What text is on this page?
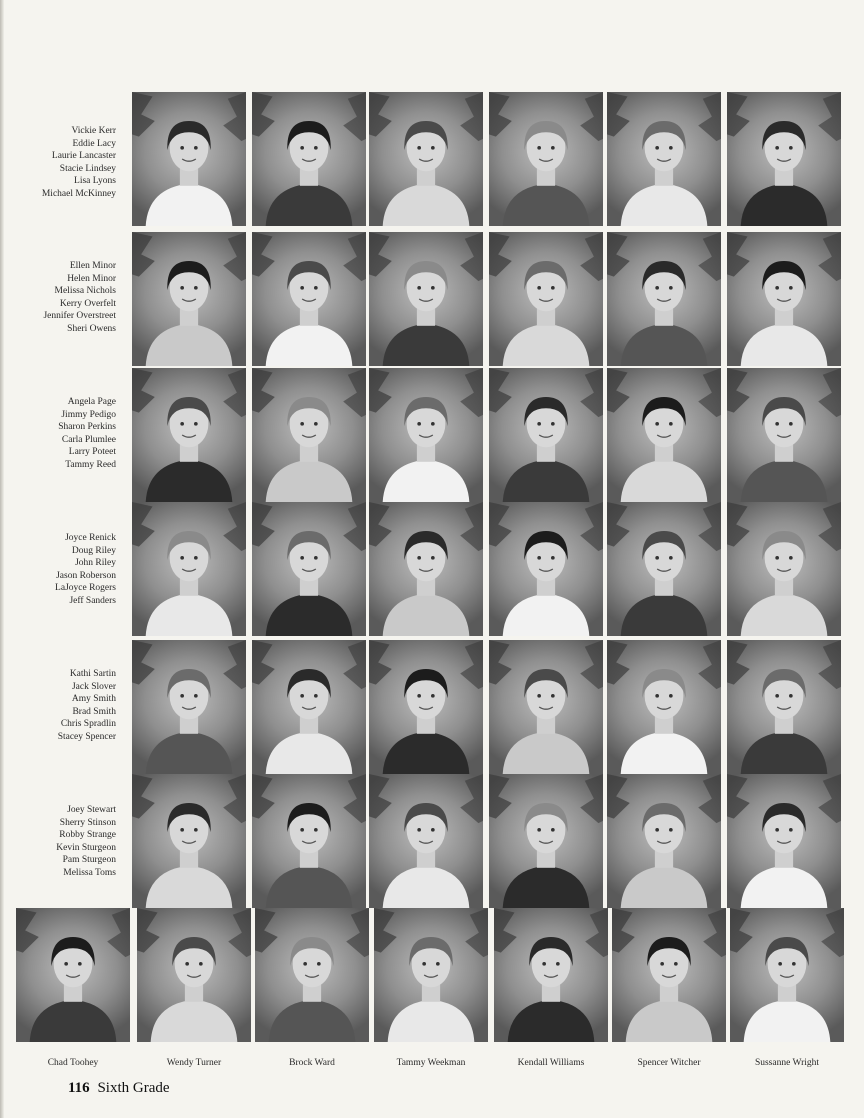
Vickie Kerr
Eddie Lacy
Laurie Lancaster
Stacie Lindsey
Lisa Lyons
Michael McKinney
Ellen Minor
Helen Minor
Melissa Nichols
Kerry Overfelt
Jennifer Overstreet
Sheri Owens
Angela Page
Jimmy Pedigo
Sharon Perkins
Carla Plumlee
Larry Poteet
Tammy Reed
Joyce Renick
Doug Riley
John Riley
Jason Roberson
LaJoyce Rogers
Jeff Sanders
Kathi Sartin
Jack Slover
Amy Smith
Brad Smith
Chris Spradlin
Stacey Spencer
Joey Stewart
Sherry Stinson
Robby Strange
Kevin Sturgeon
Pam Sturgeon
Melissa Toms
Chad Toohey	Wendy Turner	Brock Ward	Tammy Weekman	Kendall Williams	Spencer Witcher	Sussanne Wright
116 Sixth Grade
